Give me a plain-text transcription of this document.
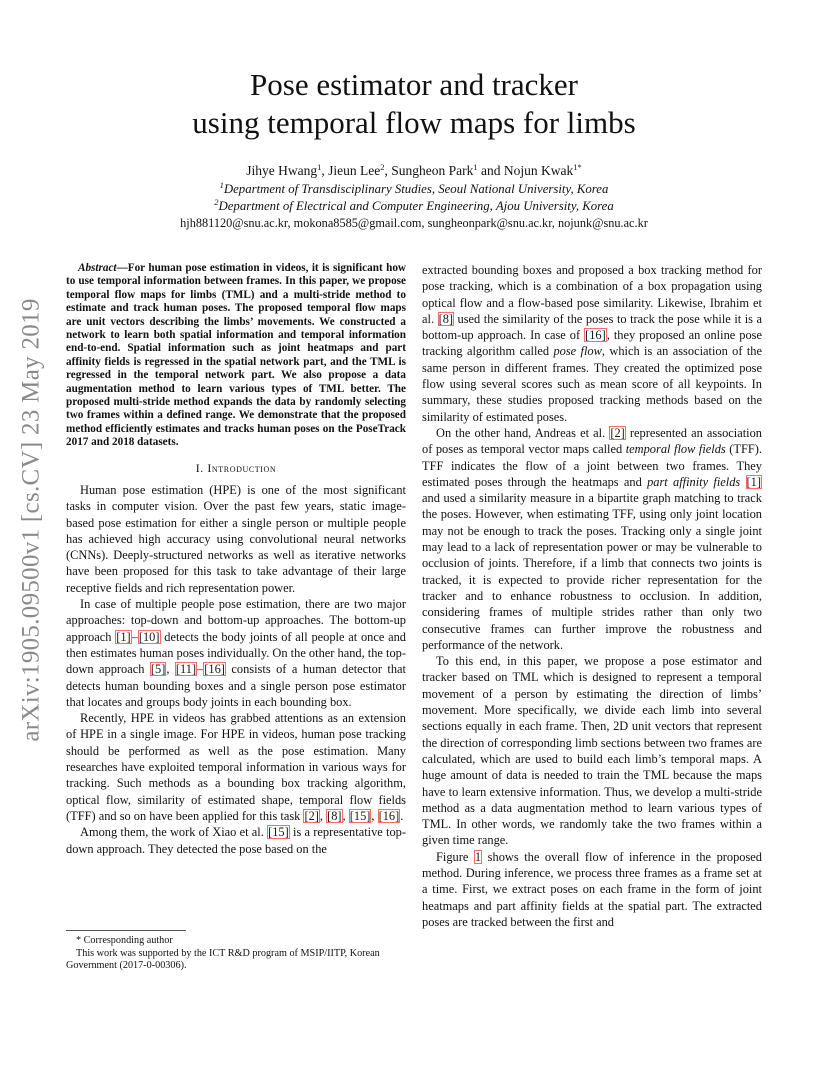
arXiv:1905.09500v1 [cs.CV] 23 May 2019
Pose estimator and tracker
using temporal flow maps for limbs
Jihye Hwang$^1$, Jieun Lee$^2$, Sungheon Park$^1$ and Nojun Kwak$^{1*}$
$^1$Department of Transdisciplinary Studies, Seoul National University, Korea
$^2$Department of Electrical and Computer Engineering, Ajou University, Korea
hjh881120@snu.ac.kr, mokona8585@gmail.com, sungheonpark@snu.ac.kr, nojunk@snu.ac.kr

Abstract—For human pose estimation in videos, it is significant how to use temporal information between frames. In this paper, we propose temporal flow maps for limbs (TML) and a multi-stride method to estimate and track human poses. The proposed temporal flow maps are unit vectors describing the limbs’ movements. We constructed a network to learn both spatial information and temporal information end-to-end. Spatial information such as joint heatmaps and part affinity fields is regressed in the spatial network part, and the TML is regressed in the temporal network part. We also propose a data augmentation method to learn various types of TML better. The proposed multi-stride method expands the data by randomly selecting two frames within a defined range. We demonstrate that the proposed method efficiently estimates and tracks human poses on the PoseTrack 2017 and 2018 datasets.

I. Introduction

Human pose estimation (HPE) is one of the most significant tasks in computer vision. Over the past few years, static image-based pose estimation for either a single person or multiple people has achieved high accuracy using convolutional neural networks (CNNs). Deeply-structured networks as well as iterative networks have been proposed for this task to take advantage of their large receptive fields and rich representation power.

In case of multiple people pose estimation, there are two major approaches: top-down and bottom-up approaches. The bottom-up approach [1]–[10] detects the body joints of all people at once and then estimates human poses individually. On the other hand, the top-down approach [5], [11]–[16] consists of a human detector that detects human bounding boxes and a single person pose estimator that locates and groups body joints in each bounding box.

Recently, HPE in videos has grabbed attentions as an extension of HPE in a single image. For HPE in videos, human pose tracking should be performed as well as the pose estimation. Many researches have exploited temporal information in various ways for tracking. Such methods as a bounding box tracking algorithm, optical flow, similarity of estimated shape, temporal flow fields (TFF) and so on have been applied for this task [2], [8], [15], [16].

Among them, the work of Xiao et al. [15] is a representative top-down approach. They detected the pose based on the

* Corresponding author

This work was supported by the ICT R&D program of MSIP/IITP, Korean Government (2017-0-00306).

extracted bounding boxes and proposed a box tracking method for pose tracking, which is a combination of a box propagation using optical flow and a flow-based pose similarity. Likewise, Ibrahim et al. [8] used the similarity of the poses to track the pose while it is a bottom-up approach. In case of [16], they proposed an online pose tracking algorithm called pose flow, which is an association of the same person in different frames. They created the optimized pose flow using several scores such as mean score of all keypoints. In summary, these studies proposed tracking methods based on the similarity of estimated poses.

On the other hand, Andreas et al. [2] represented an association of poses as temporal vector maps called temporal flow fields (TFF). TFF indicates the flow of a joint between two frames. They estimated poses through the heatmaps and part affinity fields [1] and used a similarity measure in a bipartite graph matching to track the poses. However, when estimating TFF, using only joint location may not be enough to track the poses. Tracking only a single joint may lead to a lack of representation power or may be vulnerable to occlusion of joints. Therefore, if a limb that connects two joints is tracked, it is expected to provide richer representation for the tracker and to enhance robustness to occlusion. In addition, considering frames of multiple strides rather than only two consecutive frames can further improve the robustness and performance of the network.

To this end, in this paper, we propose a pose estimator and tracker based on TML which is designed to represent a temporal movement of a person by estimating the direction of limbs’ movement. More specifically, we divide each limb into several sections equally in each frame. Then, 2D unit vectors that represent the direction of corresponding limb sections between two frames are calculated, which are used to build each limb’s temporal maps. A huge amount of data is needed to train the TML because the maps have to learn extensive information. Thus, we develop a multi-stride method as a data augmentation method to learn various types of TML. In other words, we randomly take the two frames within a given time range.

Figure 1 shows the overall flow of inference in the proposed method. During inference, we process three frames as a frame set at a time. First, we extract poses on each frame in the form of joint heatmaps and part affinity fields at the spatial part. The extracted poses are tracked between the first and
